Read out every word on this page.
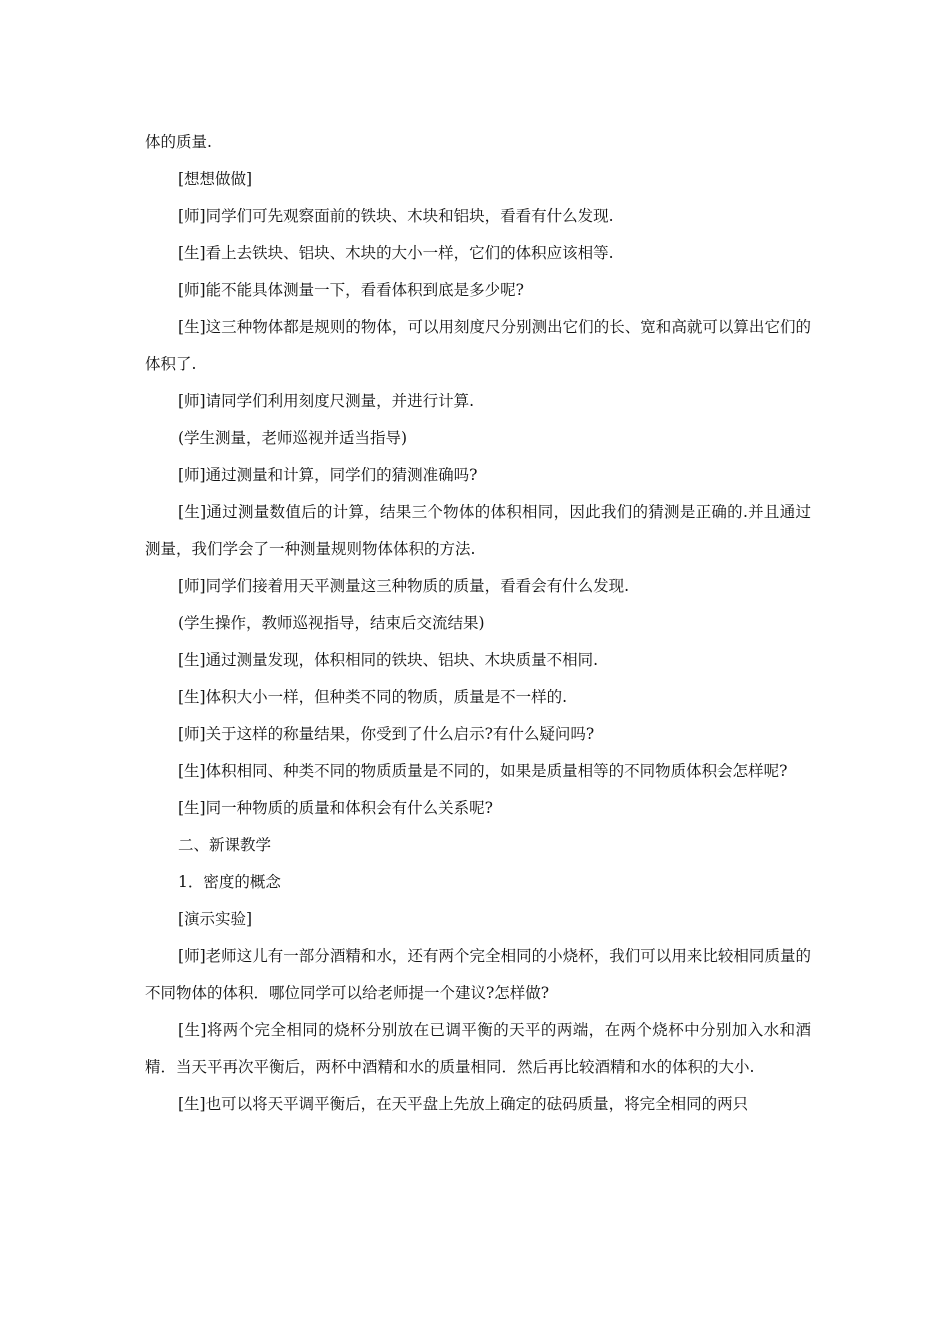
体的质量.

[想想做做]

[师]同学们可先观察面前的铁块、木块和铝块，看看有什么发现.

[生]看上去铁块、铝块、木块的大小一样，它们的体积应该相等.

[师]能不能具体测量一下，看看体积到底是多少呢?

[生]这三种物体都是规则的物体，可以用刻度尺分别测出它们的长、宽和高就可以算出它们的体积了.

[师]请同学们利用刻度尺测量，并进行计算.

(学生测量，老师巡视并适当指导)

[师]通过测量和计算，同学们的猜测准确吗?

[生]通过测量数值后的计算，结果三个物体的体积相同，因此我们的猜测是正确的.并且通过测量，我们学会了一种测量规则物体体积的方法.

[师]同学们接着用天平测量这三种物质的质量，看看会有什么发现.

(学生操作，教师巡视指导，结束后交流结果)

[生]通过测量发现，体积相同的铁块、铝块、木块质量不相同.

[生]体积大小一样，但种类不同的物质，质量是不一样的.

[师]关于这样的称量结果，你受到了什么启示?有什么疑问吗?

[生]体积相同、种类不同的物质质量是不同的，如果是质量相等的不同物质体积会怎样呢?

[生]同一种物质的质量和体积会有什么关系呢?

二、新课教学

1．密度的概念

[演示实验]

[师]老师这儿有一部分酒精和水，还有两个完全相同的小烧杯，我们可以用来比较相同质量的不同物体的体积．哪位同学可以给老师提一个建议?怎样做?

[生]将两个完全相同的烧杯分别放在已调平衡的天平的两端，在两个烧杯中分别加入水和酒精．当天平再次平衡后，两杯中酒精和水的质量相同．然后再比较酒精和水的体积的大小.

[生]也可以将天平调平衡后，在天平盘上先放上确定的砝码质量，将完全相同的两只
